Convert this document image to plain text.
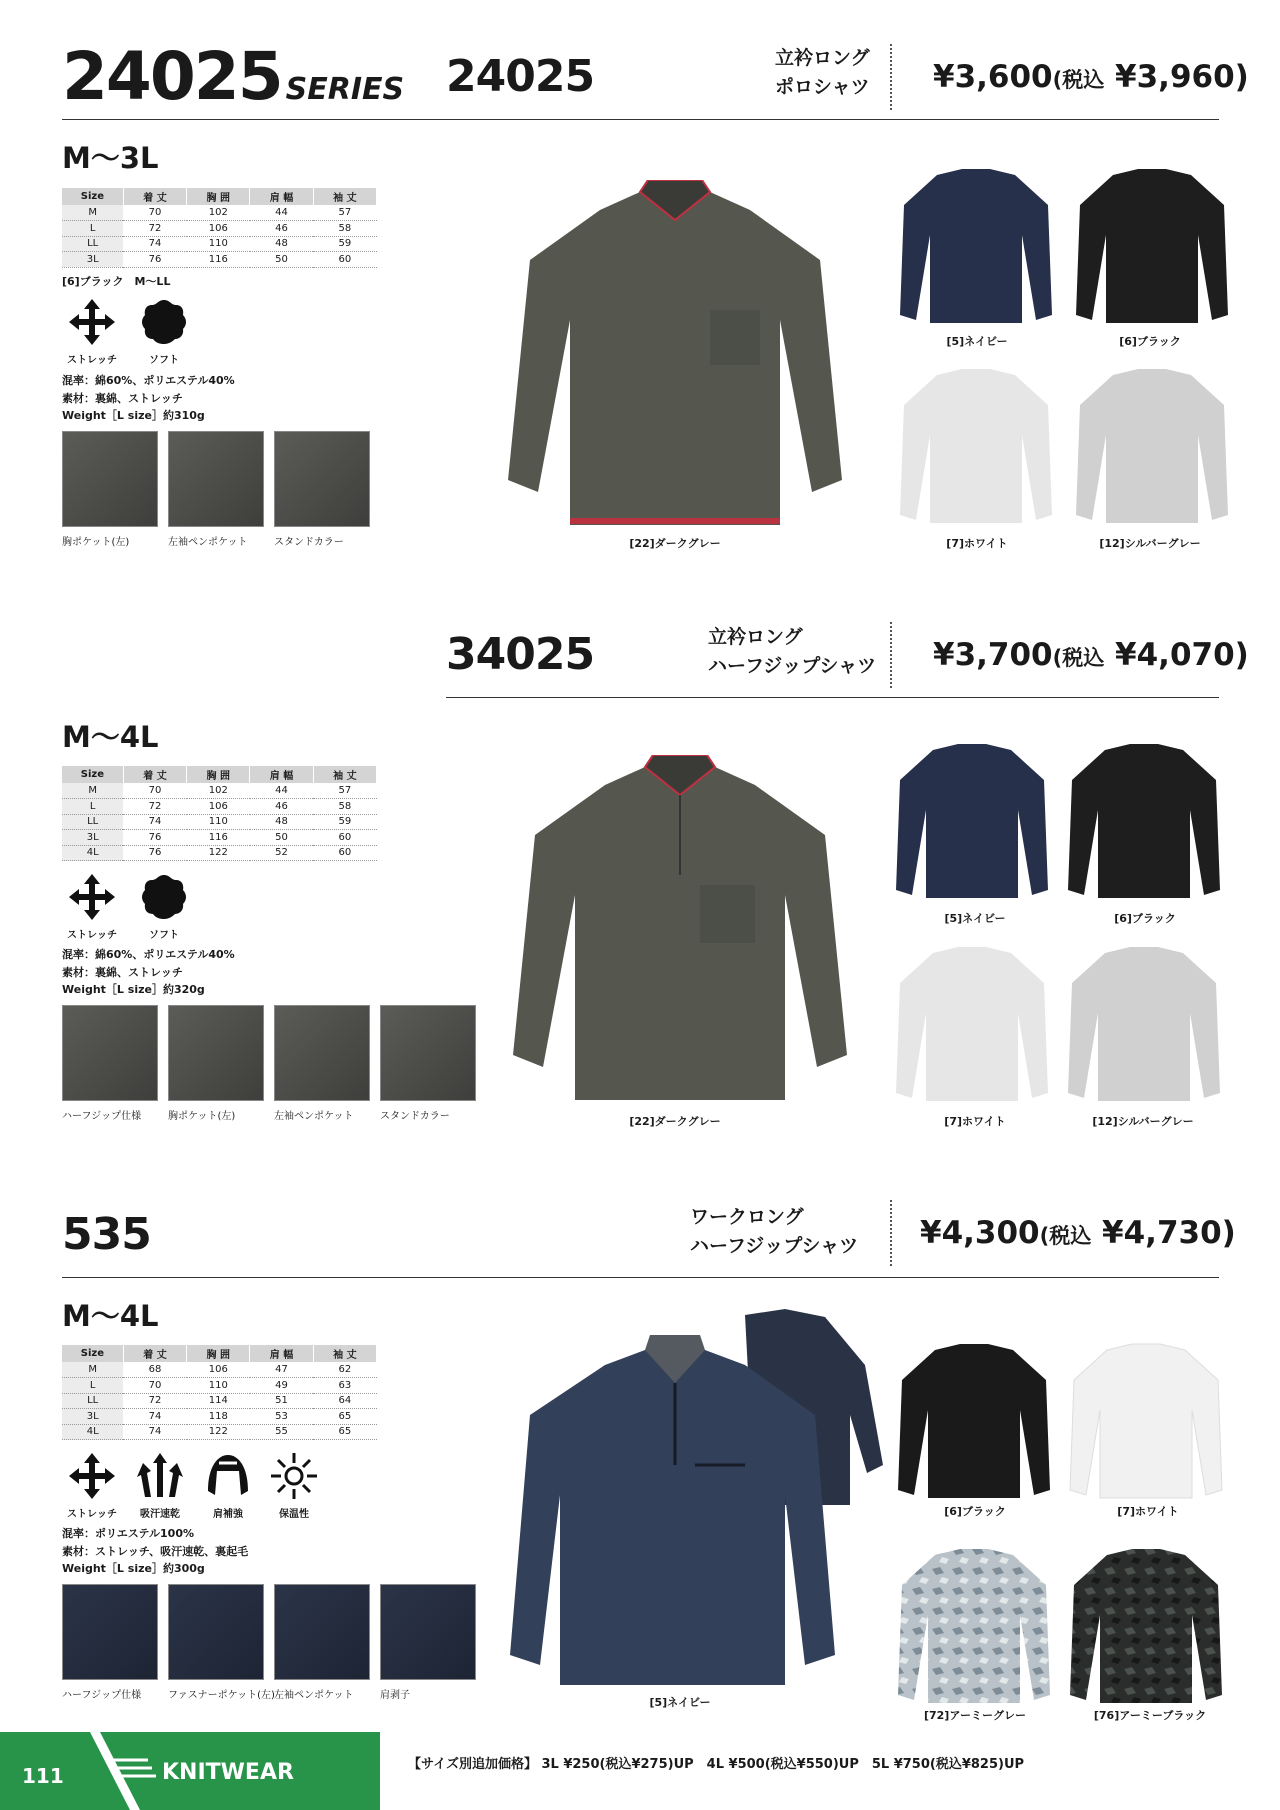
24025 SERIES 24025	立衿ロング
ポロシャツ ¥3,600(税込 ¥3,960)
M〜3L
Size	着 丈	胸 囲	肩 幅	袖 丈
M	70	102	44	57
L	72	106	46	58
LL	74	110	48	59
3L	76	116	50	60
[6]ブラック　M〜LL
ストレッチ	ソフト
混率：綿60%、ポリエステル40%
素材：裏綿、ストレッチ
Weight［L size］約310g
胸ポケット(左)	左袖ペンポケット	スタンドカラー	[22]ダークグレー
[5]ネイビー	[6]ブラック
[7]ホワイト	[12]シルバーグレー
34025	立衿ロング
ハーフジップシャツ ¥3,700(税込 ¥4,070)
M〜4L
Size	着 丈	胸 囲	肩 幅	袖 丈
M	70	102	44	57
L	72	106	46	58
LL	74	110	48	59
3L	76	116	50	60
4L	76	122	52	60
ストレッチ	ソフト
混率：綿60%、ポリエステル40%
素材：裏綿、ストレッチ
Weight［L size］約320g
ハーフジップ仕様	胸ポケット(左)	左袖ペンポケット	スタンドカラー	[22]ダークグレー
[5]ネイビー	[6]ブラック
[7]ホワイト	[12]シルバーグレー
535	ワークロング
ハーフジップシャツ ¥4,300(税込 ¥4,730)
M〜4L
Size	着 丈	胸 囲	肩 幅	袖 丈
M	68	106	47	62
L	70	110	49	63
LL	72	114	51	64
3L	74	118	53	65
4L	74	122	55	65
ストレッチ	吸汗速乾	肩補強	保温性
混率：ポリエステル100%
素材：ストレッチ、吸汗速乾、裏起毛
Weight［L size］約300g
ハーフジップ仕様	ファスナーポケット(左) 左袖ペンポケット	肩剥子
[5]ネイビー
[6]ブラック	[7]ホワイト
[72]アーミーグレー	[76]アーミーブラック
【サイズ別追加価格】 3L ¥250(税込¥275)UP　4L ¥500(税込¥550)UP　5L ¥750(税込¥825)UP
111	KNITWEAR
